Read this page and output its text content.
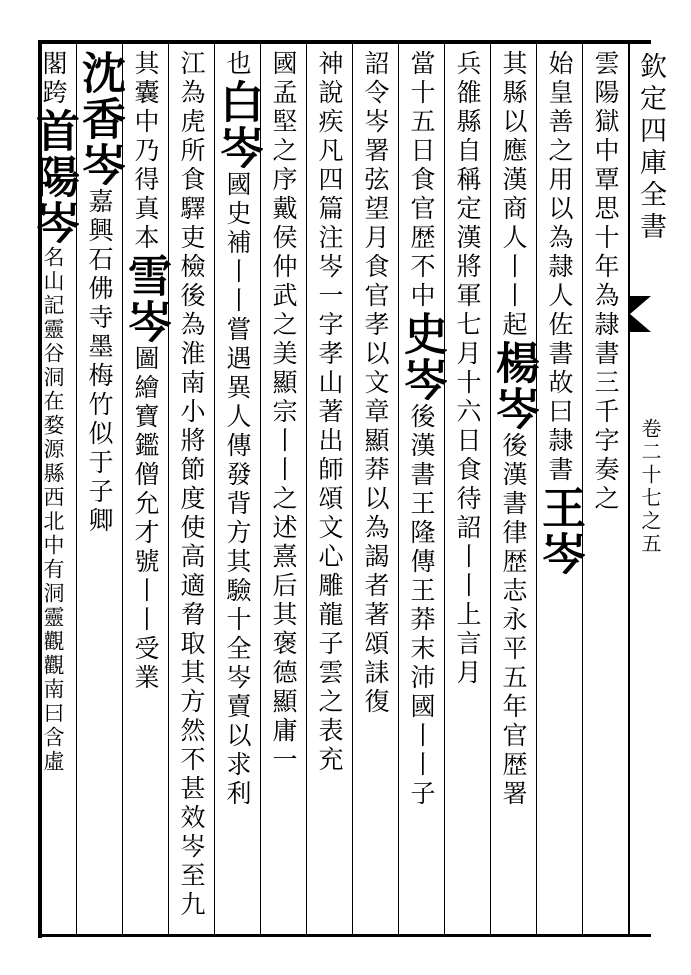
欽定四庫全書
卷二十七之五
雲陽獄中覃思十年為隷書三千字奏之
始皇善之用以為隷人佐書故曰隷書王岑
其縣以應漢商人丨丨起楊岑後漢書律歴志永平五年官歴署
兵雒縣自稱定漢將軍七月十六日食待詔丨丨上言月
當十五日食官歴不中史岑後漢書王隆傳王莽末沛國丨丨子
詔令岑署弦望月食官孝以文章顯莽以為謁者著頌誄復
神說疾凡四篇注岑一字孝山著出師頌文心雕龍子雲之表充
國孟堅之序戴侯仲武之美顯宗丨丨之述熹后其褒德顯庸一
也白岑國史補丨丨嘗遇異人傳發背方其驗十全岑賣以求利
江為虎所食驛吏檢後為淮南小將節度使高適脅取其方然不甚效岑至九
其囊中乃得真本雪岑圖繪寶鑑僧允才號丨丨受業
沈香岑嘉興石佛寺墨梅竹似于子卿
閣跨首陽岑名山記靈谷洞在婺源縣西北中有洞靈觀觀南曰含虛
